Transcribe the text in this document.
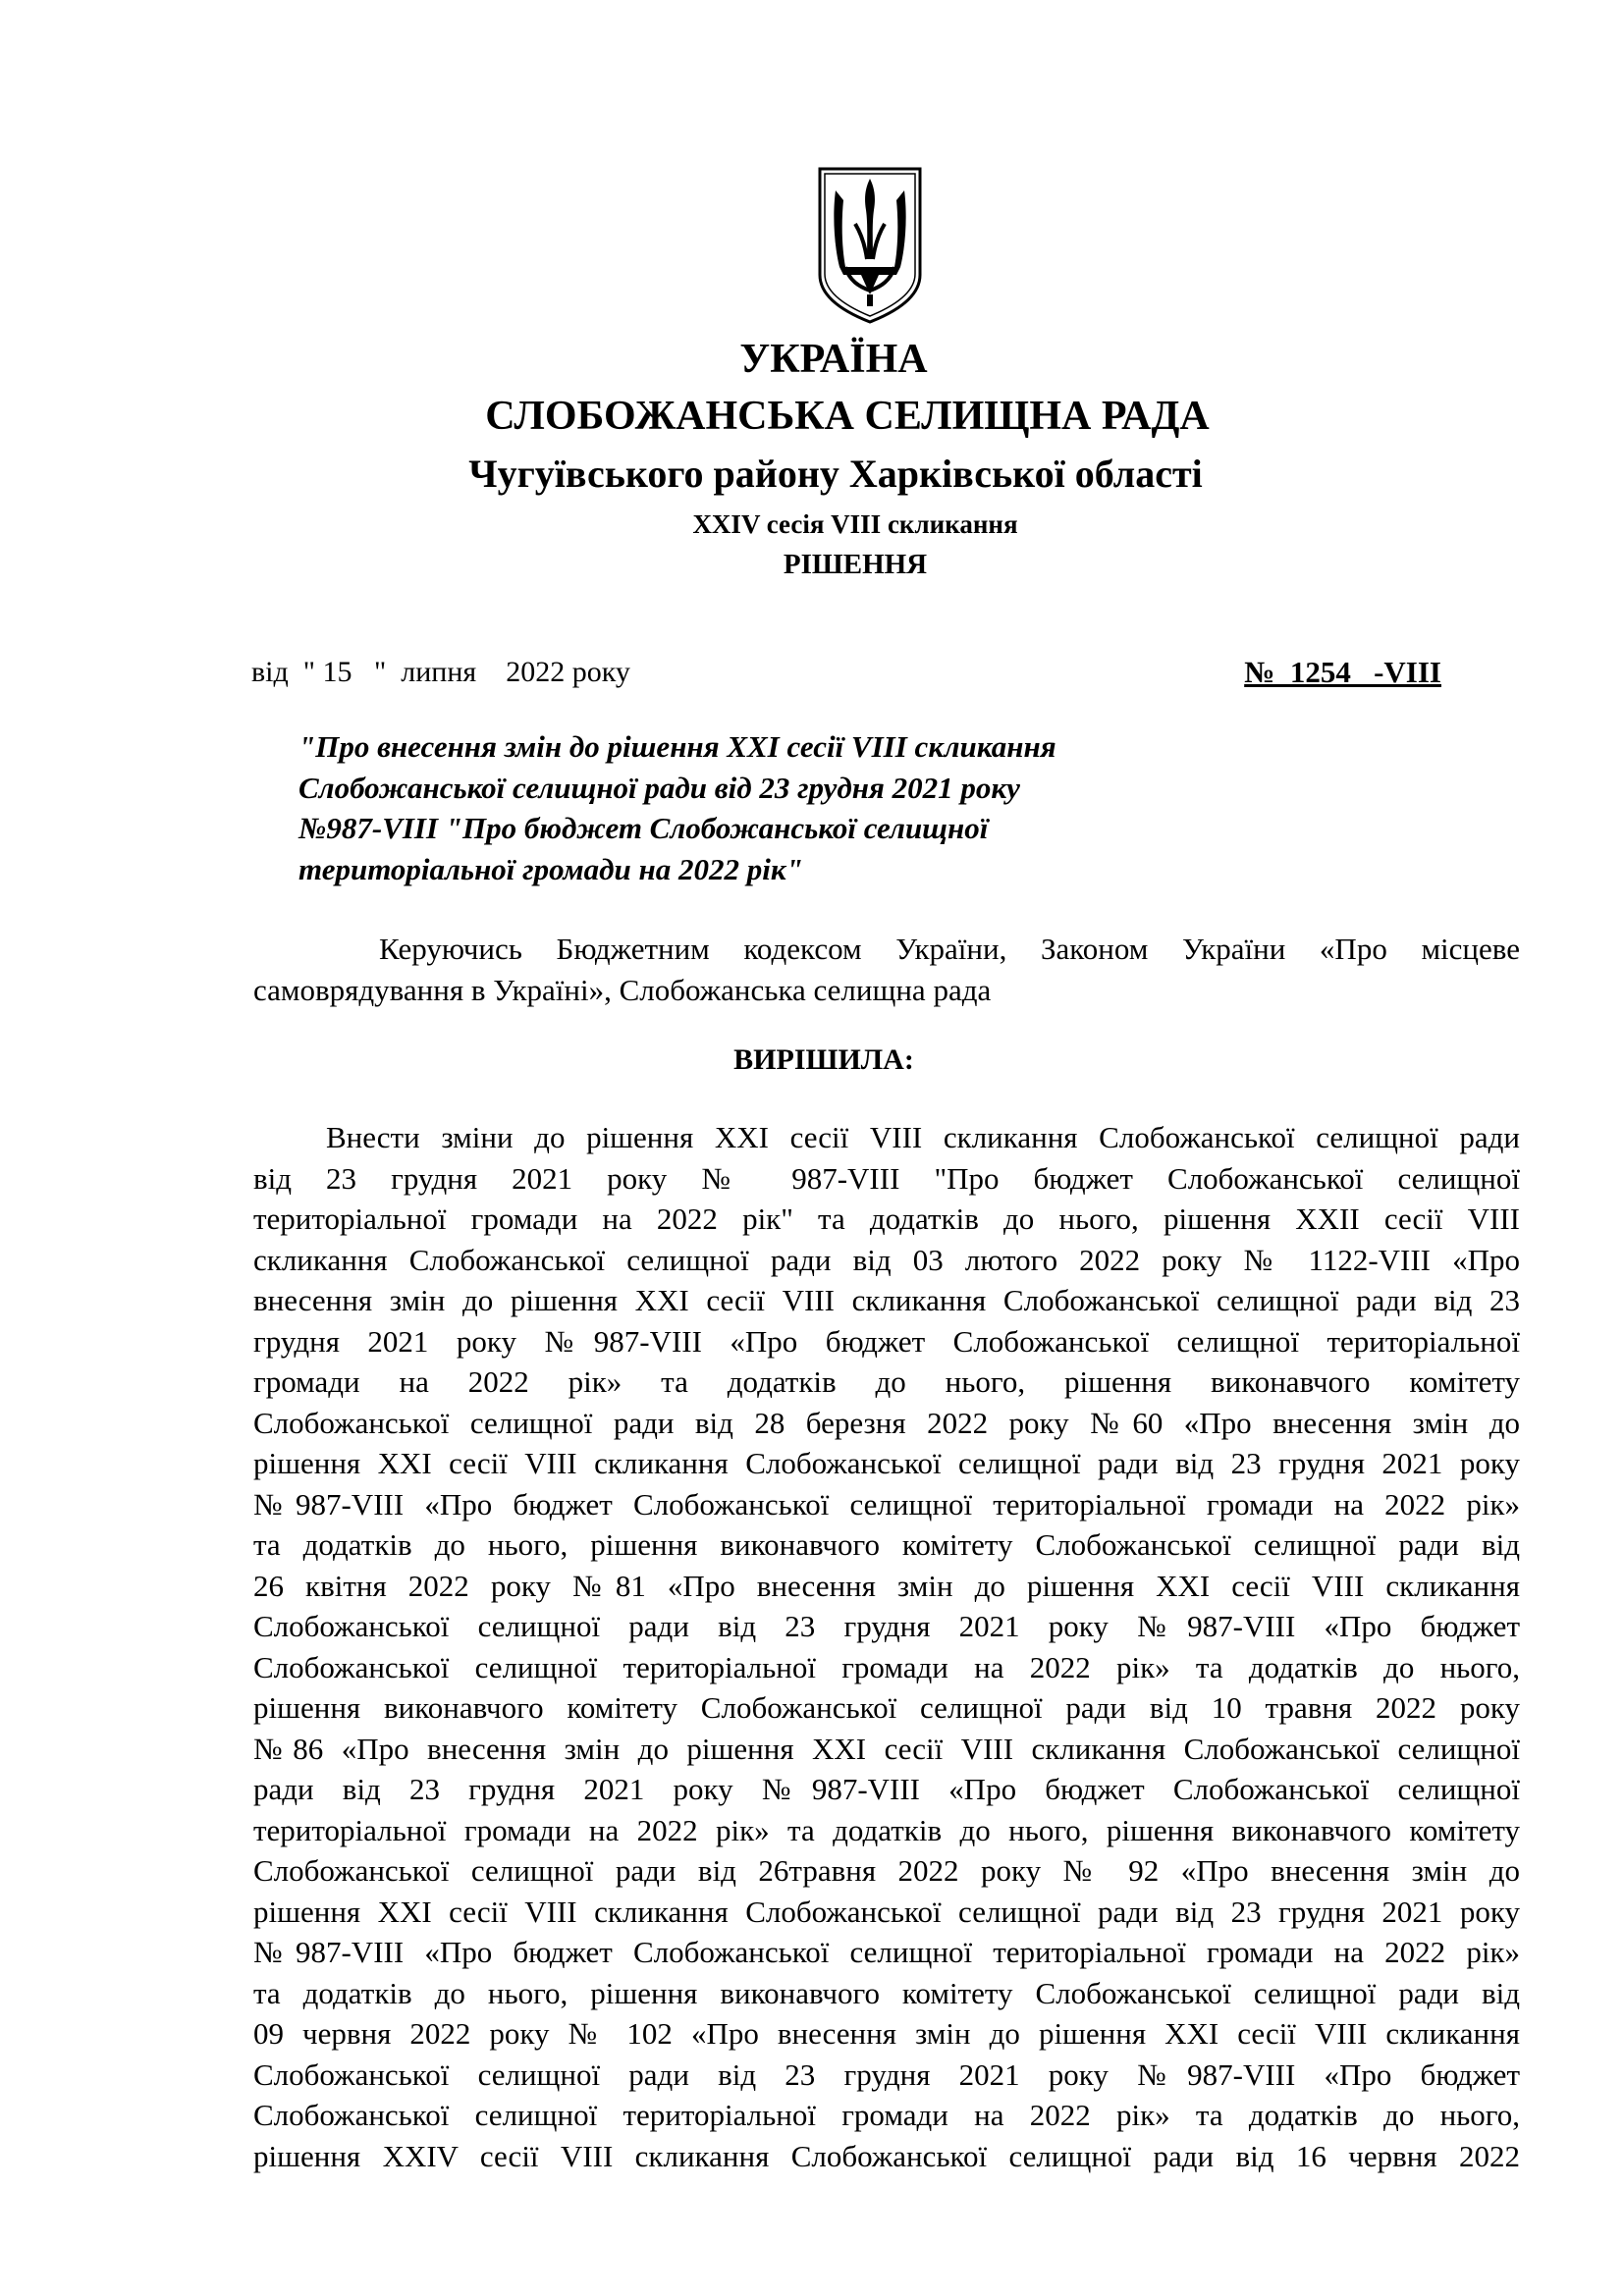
УКРАЇНА
СЛОБОЖАНСЬКА СЕЛИЩНА РАДА
Чугуївського району Харківської області
XXIV сесія VIII скликання
РІШЕННЯ
від  " 15   "  липня    2022 року	№  1254   -VIII
"Про внесення змін до рішення XXI сесії VIII скликання
Слобожанської селищної ради від 23 грудня 2021 року
№987-VIII "Про бюджет Слобожанської селищної
територіальної громади на 2022 рік"
Керуючись Бюджетним кодексом України, Законом України «Про місцеве
самоврядування в Україні», Слобожанська селищна рада
ВИРІШИЛА:
Внести зміни до рішення XXI сесії VIII скликання Слобожанської селищної ради
від 23 грудня 2021 року № 987-VIII "Про бюджет Слобожанської селищної
територіальної громади на 2022 рік" та додатків до нього, рішення XXII сесії VIII
скликання Слобожанської селищної ради від 03 лютого 2022 року № 1122-VIII «Про
внесення змін до рішення XXI сесії VIII скликання Слобожанської селищної ради від 23
грудня 2021 року №987-VIII «Про бюджет Слобожанської селищної територіальної
громади на 2022 рік» та додатків до нього, рішення виконавчого комітету
Слобожанської селищної ради від 28 березня 2022 року №60 «Про внесення змін до
рішення XXI сесії VIII скликання Слобожанської селищної ради від 23 грудня 2021 року
№987-VIII «Про бюджет Слобожанської селищної територіальної громади на 2022 рік»
та додатків до нього, рішення виконавчого комітету Слобожанської селищної ради від
26 квітня 2022 року №81 «Про внесення змін до рішення XXI сесії VIII скликання
Слобожанської селищної ради від 23 грудня 2021 року №987-VIII «Про бюджет
Слобожанської селищної територіальної громади на 2022 рік» та додатків до нього,
рішення виконавчого комітету Слобожанської селищної ради від 10 травня 2022 року
№86 «Про внесення змін до рішення XXI сесії VIII скликання Слобожанської селищної
ради від 23 грудня 2021 року №987-VIII «Про бюджет Слобожанської селищної
територіальної громади на 2022 рік» та додатків до нього, рішення виконавчого комітету
Слобожанської селищної ради від 26травня 2022 року № 92 «Про внесення змін до
рішення XXI сесії VIII скликання Слобожанської селищної ради від 23 грудня 2021 року
№987-VIII «Про бюджет Слобожанської селищної територіальної громади на 2022 рік»
та додатків до нього, рішення виконавчого комітету Слобожанської селищної ради від
09 червня 2022 року № 102 «Про внесення змін до рішення XXI сесії VIII скликання
Слобожанської селищної ради від 23 грудня 2021 року №987-VIII «Про бюджет
Слобожанської селищної територіальної громади на 2022 рік» та додатків до нього,
рішення XXIV сесії VIII скликання Слобожанської селищної ради від 16 червня 2022
